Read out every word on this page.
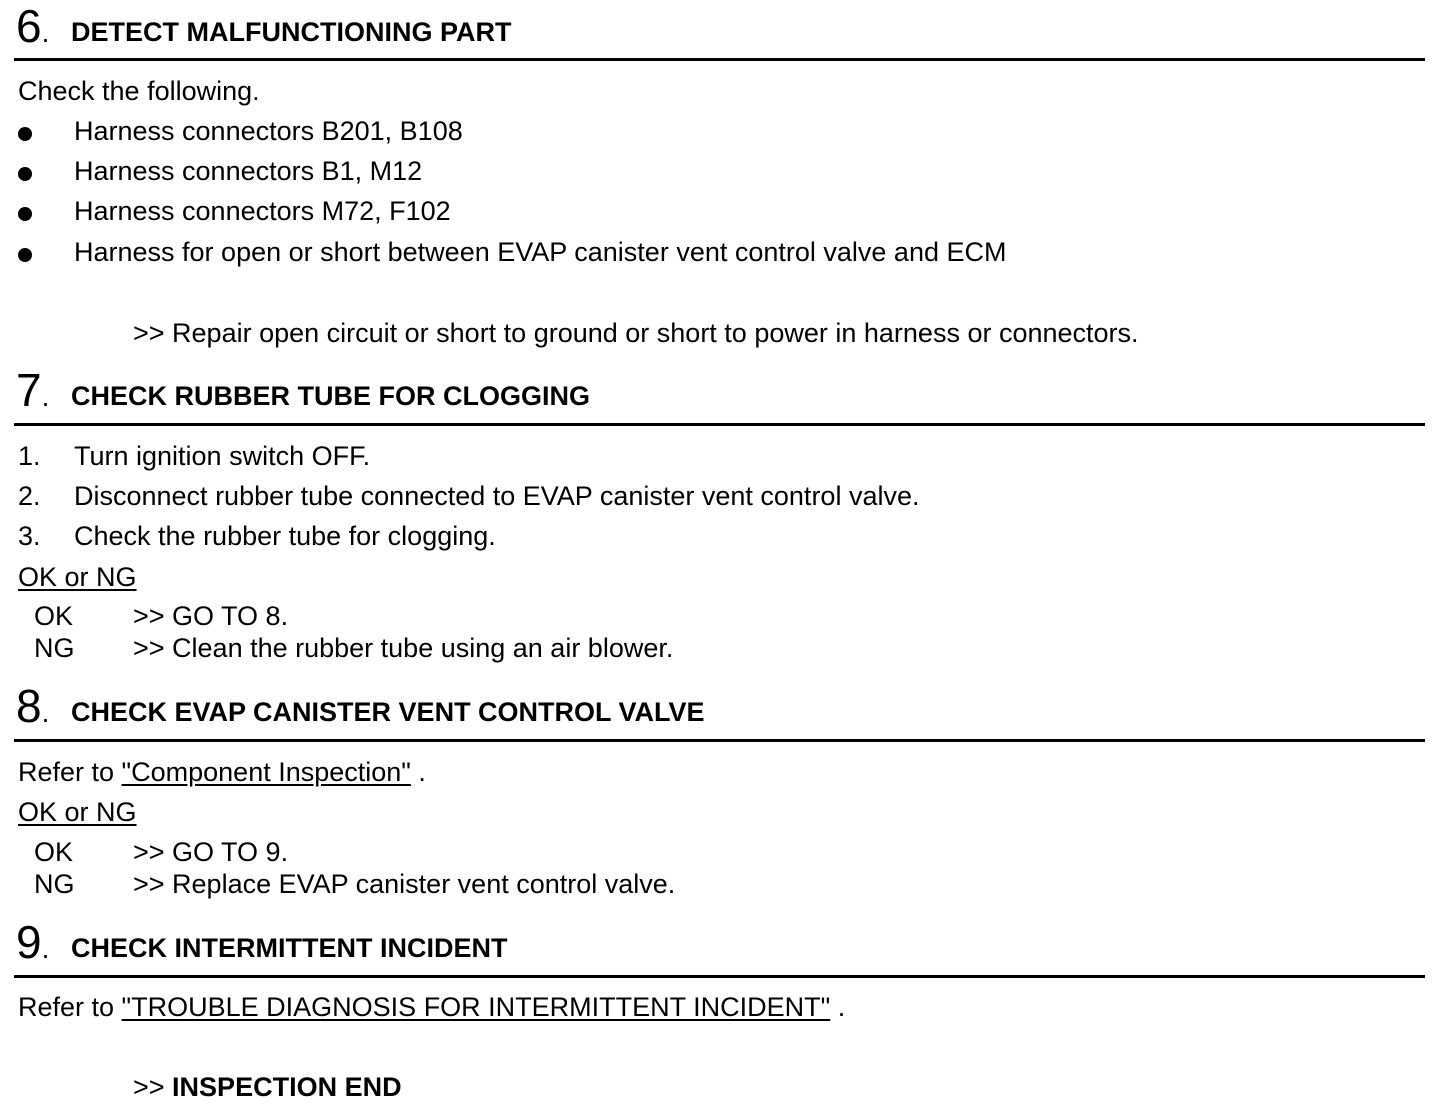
6. DETECT MALFUNCTIONING PART
Check the following.
Harness connectors B201, B108
Harness connectors B1, M12
Harness connectors M72, F102
Harness for open or short between EVAP canister vent control valve and ECM
>> Repair open circuit or short to ground or short to power in harness or connectors.
7. CHECK RUBBER TUBE FOR CLOGGING
1. Turn ignition switch OFF.
2. Disconnect rubber tube connected to EVAP canister vent control valve.
3. Check the rubber tube for clogging.
OK or NG
OK >> GO TO 8.
NG >> Clean the rubber tube using an air blower.
8. CHECK EVAP CANISTER VENT CONTROL VALVE
Refer to "Component Inspection" .
OK or NG
OK >> GO TO 9.
NG >> Replace EVAP canister vent control valve.
9. CHECK INTERMITTENT INCIDENT
Refer to "TROUBLE DIAGNOSIS FOR INTERMITTENT INCIDENT" .
>> INSPECTION END
